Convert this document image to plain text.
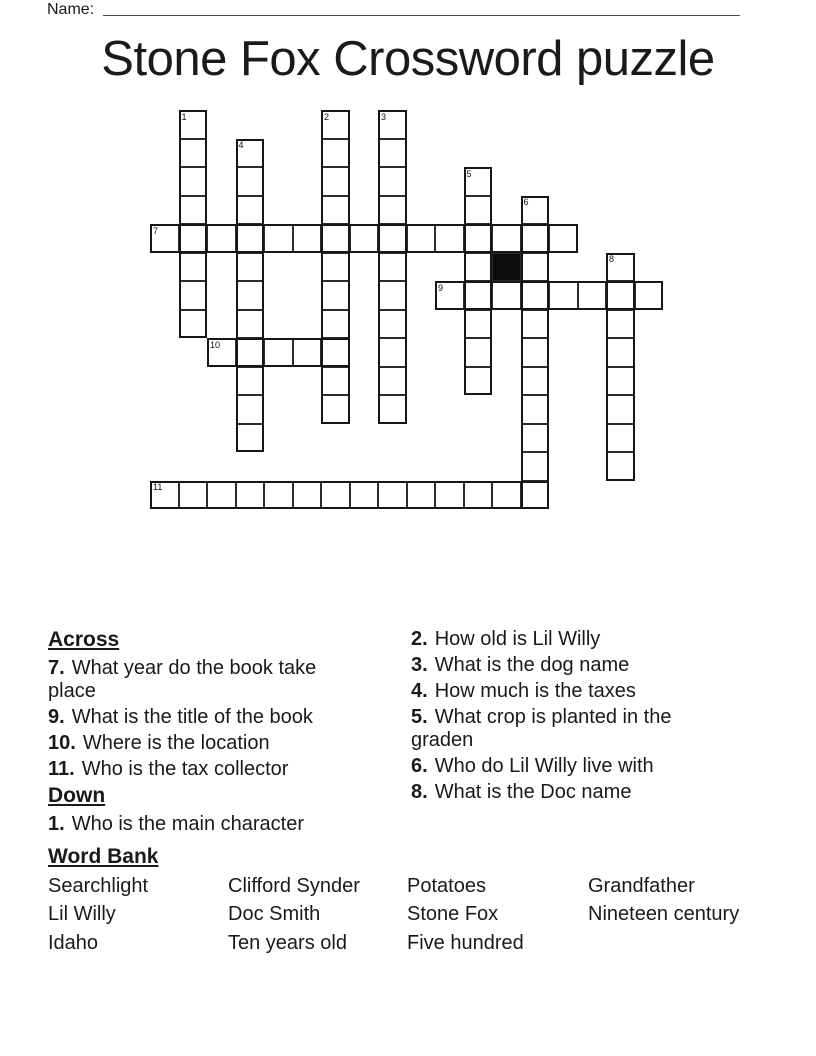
Name:
Stone Fox Crossword puzzle
1	2	3
4
5
6
7
8
9
10
11
Across

7. What year do the book take place

9. What is the title of the book

10. Where is the location

11. Who is the tax collector

Down

1. Who is the main character

2. How old is Lil Willy

3. What is the dog name

4. How much is the taxes

5. What crop is planted in the graden

6. Who do Lil Willy live with

8. What is the Doc name

Word Bank
Searchlight
Lil Willy
Idaho
Clifford Synder
Doc Smith
Ten years old
Potatoes
Stone Fox
Five hundred
Grandfather
Nineteen century
